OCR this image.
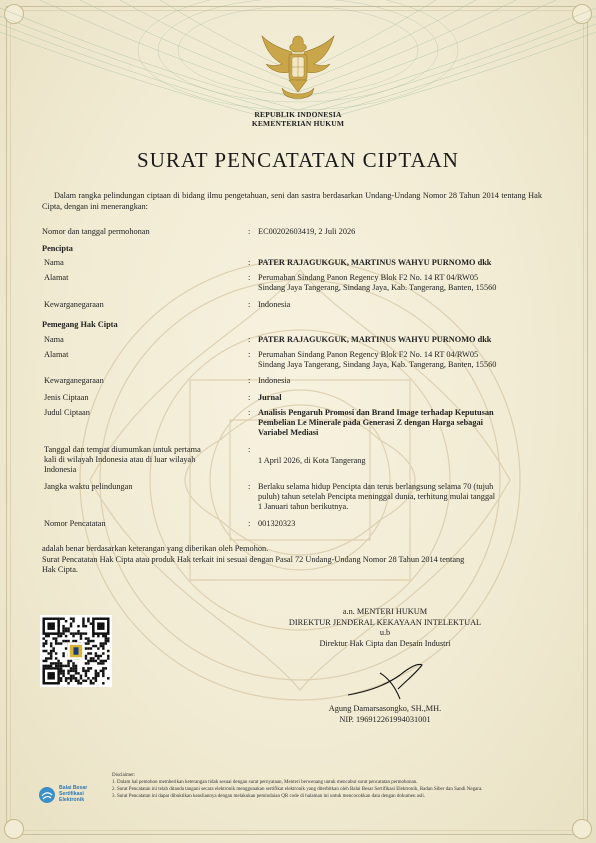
REPUBLIK INDONESIA
KEMENTERIAN HUKUM
SURAT PENCATATAN CIPTAAN
Dalam rangka pelindungan ciptaan di bidang ilmu pengetahuan, seni dan sastra berdasarkan Undang-Undang Nomor 28 Tahun 2014 tentang Hak Cipta, dengan ini menerangkan:
Nomor dan tanggal permohonan	: EC00202603419, 2 Juli 2026
Pencipta
Nama	: PATER RAJAGUKGUK, MARTINUS WAHYU PURNOMO dkk
Alamat	: Perumahan Sindang Panon Regency Blok F2 No. 14 RT 04/RW05
Sindang Jaya Tangerang, Sindang Jaya, Kab. Tangerang, Banten, 15560
Kewarganegaraan	: Indonesia
Pemegang Hak Cipta
Nama	: PATER RAJAGUKGUK, MARTINUS WAHYU PURNOMO dkk
Alamat	: Perumahan Sindang Panon Regency Blok F2 No. 14 RT 04/RW05
Sindang Jaya Tangerang, Sindang Jaya, Kab. Tangerang, Banten, 15560
Kewarganegaraan	: Indonesia
Jenis Ciptaan	: Jurnal
Judul Ciptaan	: Analisis Pengaruh Promosi dan Brand Image terhadap Keputusan
Pembelian Le Minerale pada Generasi Z dengan Harga sebagai
Variabel Mediasi
Tanggal dan tempat diumumkan untuk pertama
kali di wilayah Indonesia atau di luar wilayah
Indonesia
:
1 April 2026, di Kota Tangerang
Jangka waktu pelindungan	: Berlaku selama hidup Pencipta dan terus berlangsung selama 70 (tujuh
puluh) tahun setelah Pencipta meninggal dunia, terhitung mulai tanggal
1 Januari tahun berikutnya.
Nomor Pencatatan	: 001320323
adalah benar berdasarkan keterangan yang diberikan oleh Pemohon.
Surat Pencatatan Hak Cipta atau produk Hak terkait ini sesuai dengan Pasal 72 Undang-Undang Nomor 28 Tahun 2014 tentang
Hak Cipta.
a.n. MENTERI HUKUM
DIREKTUR JENDERAL KEKAYAAN INTELEKTUAL
u.b
Direktur Hak Cipta dan Desain Industri
Agung Damarsasongko, SH.,MH.
NIP. 196912261994031001
Balai Besar
Sertifikasi
Elektronik
Disclaimer:
1. Dalam hal pemohon memberikan keterangan tidak sesuai dengan surat pernyataan, Menteri berwenang untuk mencabut surat pencatatan permohonan.
2. Surat Pencatatan ini telah ditanda tangani secara elektronik menggunakan sertifikat elektronik yang diterbitkan oleh Balai Besar Sertifikasi Elektronik, Badan Siber dan Sandi Negara.
3. Surat Pencatatan ini dapat dibuktikan keasliannya dengan melakukan pemindaian QR code di halaman ini untuk mencocokkan data dengan dokumen asli.
